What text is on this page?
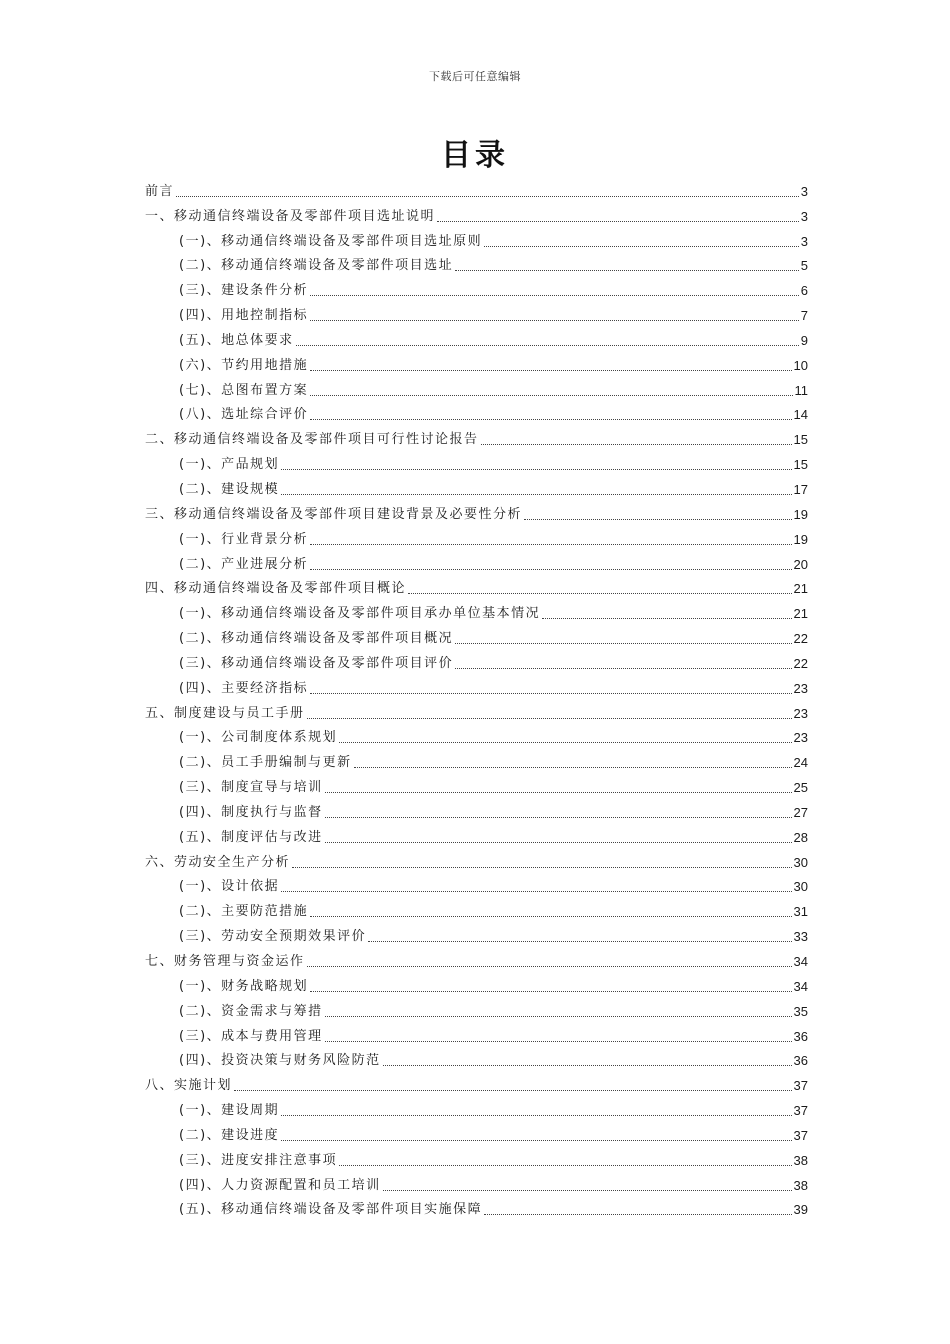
下载后可任意编辑
目录
前言	3
一、移动通信终端设备及零部件项目选址说明	3
(一)、移动通信终端设备及零部件项目选址原则	3
(二)、移动通信终端设备及零部件项目选址	5
(三)、建设条件分析	6
(四)、用地控制指标	7
(五)、地总体要求	9
(六)、节约用地措施	10
(七)、总图布置方案	11
(八)、选址综合评价	14
二、移动通信终端设备及零部件项目可行性讨论报告	15
(一)、产品规划	15
(二)、建设规模	17
三、移动通信终端设备及零部件项目建设背景及必要性分析	19
(一)、行业背景分析	19
(二)、产业进展分析	20
四、移动通信终端设备及零部件项目概论	21
(一)、移动通信终端设备及零部件项目承办单位基本情况	21
(二)、移动通信终端设备及零部件项目概况	22
(三)、移动通信终端设备及零部件项目评价	22
(四)、主要经济指标	23
五、制度建设与员工手册	23
(一)、公司制度体系规划	23
(二)、员工手册编制与更新	24
(三)、制度宣导与培训	25
(四)、制度执行与监督	27
(五)、制度评估与改进	28
六、劳动安全生产分析	30
(一)、设计依据	30
(二)、主要防范措施	31
(三)、劳动安全预期效果评价	33
七、财务管理与资金运作	34
(一)、财务战略规划	34
(二)、资金需求与筹措	35
(三)、成本与费用管理	36
(四)、投资决策与财务风险防范	36
八、实施计划	37
(一)、建设周期	37
(二)、建设进度	37
(三)、进度安排注意事项	38
(四)、人力资源配置和员工培训	38
(五)、移动通信终端设备及零部件项目实施保障	39
